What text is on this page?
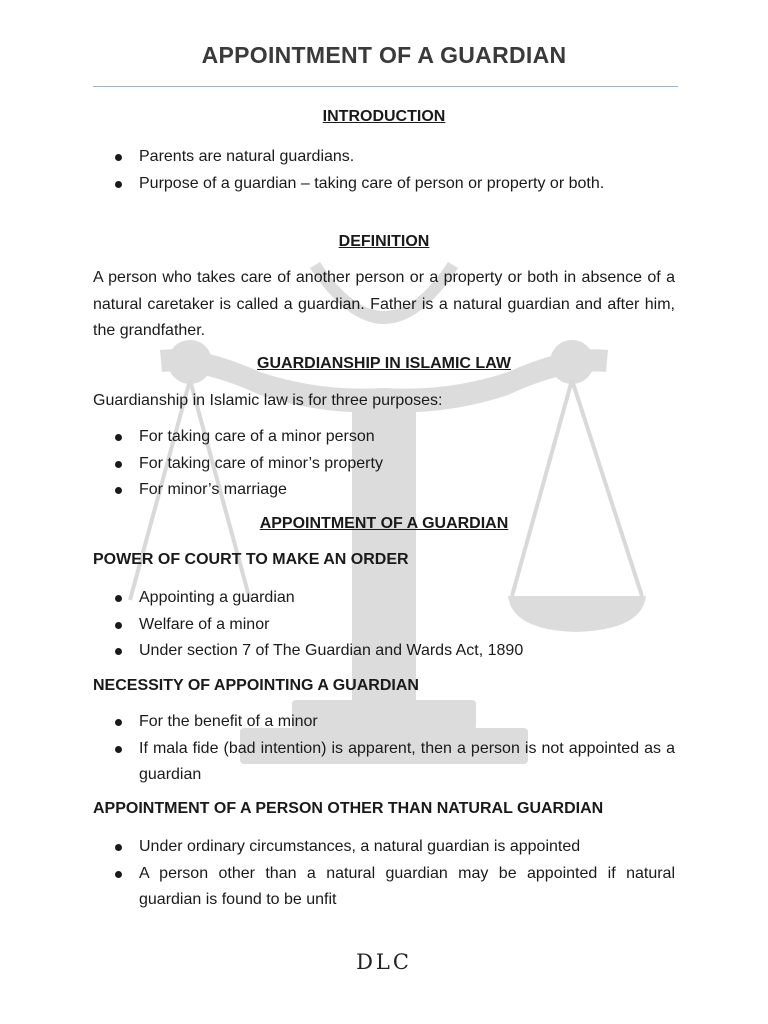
APPOINTMENT OF A GUARDIAN
INTRODUCTION
Parents are natural guardians.
Purpose of a guardian – taking care of person or property or both.
DEFINITION
A person who takes care of another person or a property or both in absence of a natural caretaker is called a guardian. Father is a natural guardian and after him, the grandfather.
GUARDIANSHIP IN ISLAMIC LAW
Guardianship in Islamic law is for three purposes:
For taking care of a minor person
For taking care of minor’s property
For minor’s marriage
APPOINTMENT OF A GUARDIAN
POWER OF COURT TO MAKE AN ORDER
Appointing a guardian
Welfare of a minor
Under section 7 of The Guardian and Wards Act, 1890
NECESSITY OF APPOINTING A GUARDIAN
For the benefit of a minor
If mala fide (bad intention) is apparent, then a person is not appointed as a guardian
APPOINTMENT OF A PERSON OTHER THAN NATURAL GUARDIAN
Under ordinary circumstances, a natural guardian is appointed
A person other than a natural guardian may be appointed if natural guardian is found to be unfit
DLC
